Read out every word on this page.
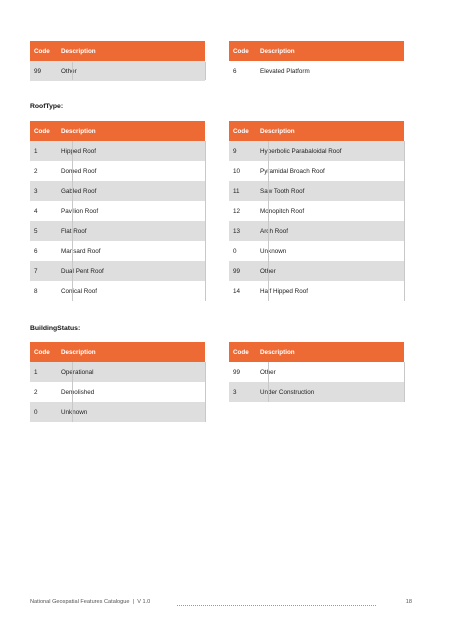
Code	Description
99	Other
Code	Description
6	Elevated Platform
RoofType:
Code	Description
1	Hipped Roof
2	Domed Roof
3	Gabled Roof
4	Pavilion Roof
5	Flat Roof
6	Mansard Roof
7	Dual Pent Roof
8	Conical Roof
Code	Description
9	Hyperbolic Parabaloidal Roof
10	Pyramidal Broach Roof
11	Saw Tooth Roof
12	Monopitch Roof
13	Arch Roof
0	Unknown
99	Other
14	Half Hipped Roof
BuildingStatus:
Code	Description
1	Operational
2	Demolished
0	Unknown
Code	Description
99	Other
3	Under Construction
National Geospatial Features Catalogue | V 1.0	18
